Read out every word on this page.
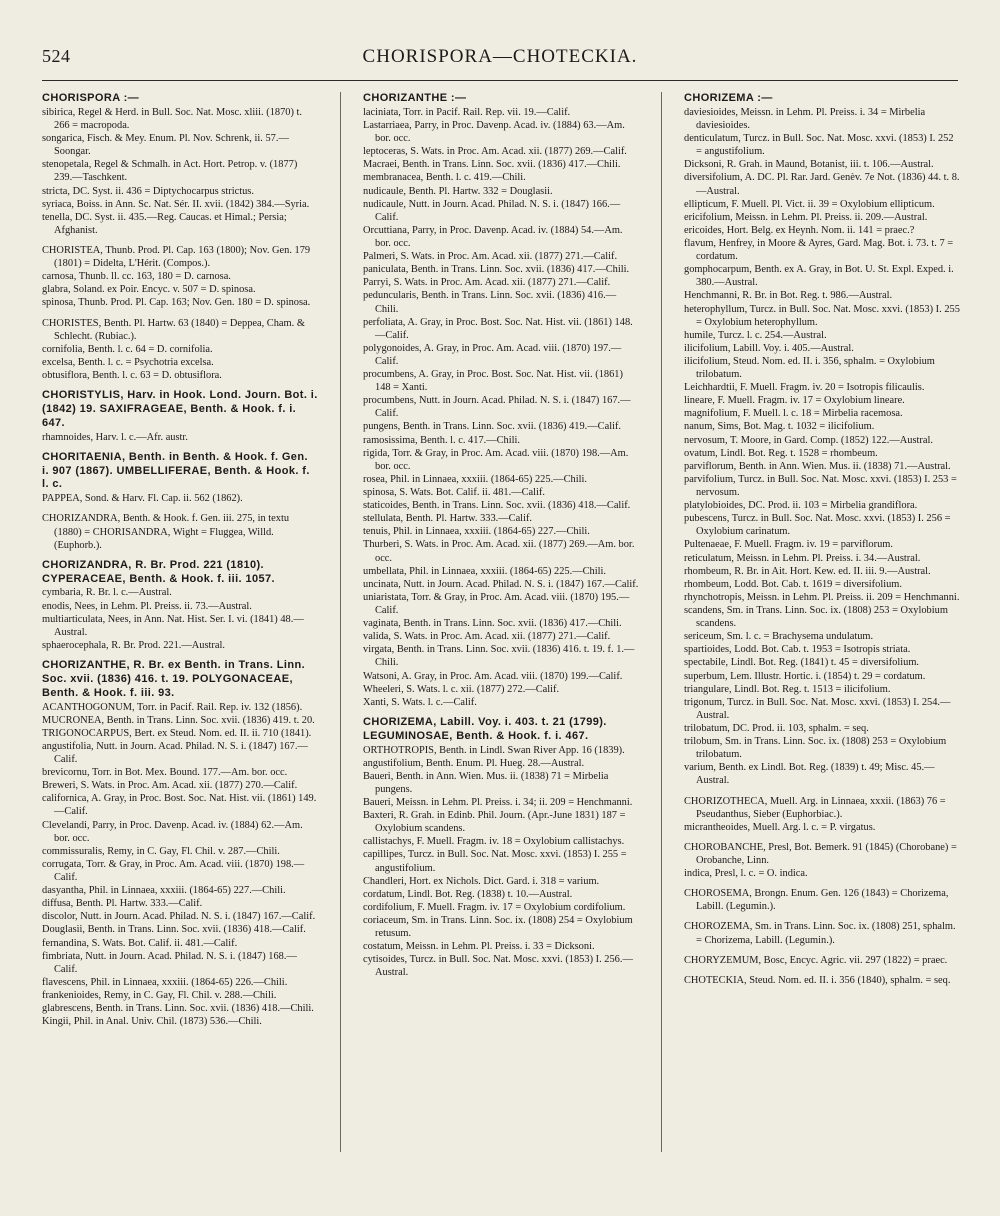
524	CHORISPORA—CHOTECKIA.
CHORISPORA :—
sibirica, Regel & Herd. in Bull. Soc. Nat. Mosc. xliii. (1870) t. 266 = macropoda.
songarica, Fisch. & Mey. Enum. Pl. Nov. Schrenk, ii. 57.—Soongar.
stenopetala, Regel & Schmalh. in Act. Hort. Petrop. v. (1877) 239.—Taschkent.
stricta, DC. Syst. ii. 436 = Diptychocarpus strictus.
syriaca, Boiss. in Ann. Sc. Nat. Sér. II. xvii. (1842) 384.—Syria.
tenella, DC. Syst. ii. 435.—Reg. Caucas. et Himal.; Persia; Afghanist.
CHORISTEA, Thunb. Prod. Pl. Cap. 163 (1800); Nov. Gen. 179 (1801) = Didelta, L'Hérit. (Compos.).
carnosa, Thunb. ll. cc. 163, 180 = D. carnosa.
glabra, Soland. ex Poir. Encyc. v. 507 = D. spinosa.
spinosa, Thunb. Prod. Pl. Cap. 163; Nov. Gen. 180 = D. spinosa.
CHORISTES, Benth. Pl. Hartw. 63 (1840) = Deppea, Cham. & Schlecht. (Rubiac.).
cornifolia, Benth. l. c. 64 = D. cornifolia.
excelsa, Benth. l. c. = Psychotria excelsa.
obtusiflora, Benth. l. c. 63 = D. obtusiflora.
CHORISTYLIS, Harv. in Hook. Lond. Journ. Bot. i. (1842) 19. SAXIFRAGEAE, Benth. & Hook. f. i. 647.
rhamnoides, Harv. l. c.—Afr. austr.
CHORITAENIA, Benth. in Benth. & Hook. f. Gen. i. 907 (1867). UMBELLIFERAE, Benth. & Hook. f. l. c.
PAPPEA, Sond. & Harv. Fl. Cap. ii. 562 (1862).
CHORIZANDRA, Benth. & Hook. f. Gen. iii. 275, in textu (1880) = CHORISANDRA, Wight = Fluggea, Willd. (Euphorb.).
CHORIZANDRA, R. Br. Prod. 221 (1810). CYPERACEAE, Benth. & Hook. f. iii. 1057.
cymbaria, R. Br. l. c.—Austral.
enodis, Nees, in Lehm. Pl. Preiss. ii. 73.—Austral.
multiarticulata, Nees, in Ann. Nat. Hist. Ser. I. vi. (1841) 48.—Austral.
sphaerocephala, R. Br. Prod. 221.—Austral.
CHORIZANTHE, R. Br. ex Benth. in Trans. Linn. Soc. xvii. (1836) 416. t. 19. POLYGONACEAE, Benth. & Hook. f. iii. 93.
ACANTHOGONUM, Torr. in Pacif. Rail. Rep. iv. 132 (1856).
MUCRONEA, Benth. in Trans. Linn. Soc. xvii. (1836) 419. t. 20.
TRIGONOCARPUS, Bert. ex Steud. Nom. ed. II. ii. 710 (1841).
angustifolia, Nutt. in Journ. Acad. Philad. N. S. i. (1847) 167.—Calif.
brevicornu, Torr. in Bot. Mex. Bound. 177.—Am. bor. occ.
Breweri, S. Wats. in Proc. Am. Acad. xii. (1877) 270.—Calif.
californica, A. Gray, in Proc. Bost. Soc. Nat. Hist. vii. (1861) 149.—Calif.
Clevelandi, Parry, in Proc. Davenp. Acad. iv. (1884) 62.—Am. bor. occ.
commissuralis, Remy, in C. Gay, Fl. Chil. v. 287.—Chili.
corrugata, Torr. & Gray, in Proc. Am. Acad. viii. (1870) 198.—Calif.
dasyantha, Phil. in Linnaea, xxxiii. (1864-65) 227.—Chili.
diffusa, Benth. Pl. Hartw. 333.—Calif.
discolor, Nutt. in Journ. Acad. Philad. N. S. i. (1847) 167.—Calif.
Douglasii, Benth. in Trans. Linn. Soc. xvii. (1836) 418.—Calif.
fernandina, S. Wats. Bot. Calif. ii. 481.—Calif.
fimbriata, Nutt. in Journ. Acad. Philad. N. S. i. (1847) 168.—Calif.
flavescens, Phil. in Linnaea, xxxiii. (1864-65) 226.—Chili.
frankenioides, Remy, in C. Gay, Fl. Chil. v. 288.—Chili.
glabrescens, Benth. in Trans. Linn. Soc. xvii. (1836) 418.—Chili.
Kingii, Phil. in Anal. Univ. Chil. (1873) 536.—Chili.
CHORIZANTHE :—
laciniata, Torr. in Pacif. Rail. Rep. vii. 19.—Calif.
Lastarriaea, Parry, in Proc. Davenp. Acad. iv. (1884) 63.—Am. bor. occ.
leptoceras, S. Wats. in Proc. Am. Acad. xii. (1877) 269.—Calif.
Macraei, Benth. in Trans. Linn. Soc. xvii. (1836) 417.—Chili.
membranacea, Benth. l. c. 419.—Chili.
nudicaule, Benth. Pl. Hartw. 332 = Douglasii.
nudicaule, Nutt. in Journ. Acad. Philad. N. S. i. (1847) 166.—Calif.
Orcuttiana, Parry, in Proc. Davenp. Acad. iv. (1884) 54.—Am. bor. occ.
Palmeri, S. Wats. in Proc. Am. Acad. xii. (1877) 271.—Calif.
paniculata, Benth. in Trans. Linn. Soc. xvii. (1836) 417.—Chili.
Parryi, S. Wats. in Proc. Am. Acad. xii. (1877) 271.—Calif.
peduncularis, Benth. in Trans. Linn. Soc. xvii. (1836) 416.—Chili.
perfoliata, A. Gray, in Proc. Bost. Soc. Nat. Hist. vii. (1861) 148.—Calif.
polygonoides, A. Gray, in Proc. Am. Acad. viii. (1870) 197.—Calif.
procumbens, A. Gray, in Proc. Bost. Soc. Nat. Hist. vii. (1861) 148 = Xanti.
procumbens, Nutt. in Journ. Acad. Philad. N. S. i. (1847) 167.—Calif.
pungens, Benth. in Trans. Linn. Soc. xvii. (1836) 419.—Calif.
ramosissima, Benth. l. c. 417.—Chili.
rigida, Torr. & Gray, in Proc. Am. Acad. viii. (1870) 198.—Am. bor. occ.
rosea, Phil. in Linnaea, xxxiii. (1864-65) 225.—Chili.
spinosa, S. Wats. Bot. Calif. ii. 481.—Calif.
staticoides, Benth. in Trans. Linn. Soc. xvii. (1836) 418.—Calif.
stellulata, Benth. Pl. Hartw. 333.—Calif.
tenuis, Phil. in Linnaea, xxxiii. (1864-65) 227.—Chili.
Thurberi, S. Wats. in Proc. Am. Acad. xii. (1877) 269.—Am. bor. occ.
umbellata, Phil. in Linnaea, xxxiii. (1864-65) 225.—Chili.
uncinata, Nutt. in Journ. Acad. Philad. N. S. i. (1847) 167.—Calif.
uniaristata, Torr. & Gray, in Proc. Am. Acad. viii. (1870) 195.—Calif.
vaginata, Benth. in Trans. Linn. Soc. xvii. (1836) 417.—Chili.
valida, S. Wats. in Proc. Am. Acad. xii. (1877) 271.—Calif.
virgata, Benth. in Trans. Linn. Soc. xvii. (1836) 416. t. 19. f. 1.—Chili.
Watsoni, A. Gray, in Proc. Am. Acad. viii. (1870) 199.—Calif.
Wheeleri, S. Wats. l. c. xii. (1877) 272.—Calif.
Xanti, S. Wats. l. c.—Calif.
CHORIZEMA, Labill. Voy. i. 403. t. 21 (1799). LEGUMINOSAE, Benth. & Hook. f. i. 467.
ORTHOTROPIS, Benth. in Lindl. Swan River App. 16 (1839).
angustifolium, Benth. Enum. Pl. Hueg. 28.—Austral.
Baueri, Benth. in Ann. Wien. Mus. ii. (1838) 71 = Mirbelia pungens.
Baueri, Meissn. in Lehm. Pl. Preiss. i. 34; ii. 209 = Henchmanni.
Baxteri, R. Grah. in Edinb. Phil. Journ. (Apr.-June 1831) 187 = Oxylobium scandens.
callistachys, F. Muell. Fragm. iv. 18 = Oxylobium callistachys.
capillipes, Turcz. in Bull. Soc. Nat. Mosc. xxvi. (1853) I. 255 = angustifolium.
Chandleri, Hort. ex Nichols. Dict. Gard. i. 318 = varium.
cordatum, Lindl. Bot. Reg. (1838) t. 10.—Austral.
cordifolium, F. Muell. Fragm. iv. 17 = Oxylobium cordifolium.
coriaceum, Sm. in Trans. Linn. Soc. ix. (1808) 254 = Oxylobium retusum.
costatum, Meissn. in Lehm. Pl. Preiss. i. 33 = Dicksoni.
cytisoides, Turcz. in Bull. Soc. Nat. Mosc. xxvi. (1853) I. 256.—Austral.
CHORIZEMA :—
daviesioides, Meissn. in Lehm. Pl. Preiss. i. 34 = Mirbelia daviesioides.
denticulatum, Turcz. in Bull. Soc. Nat. Mosc. xxvi. (1853) I. 252 = angustifolium.
Dicksoni, R. Grah. in Maund, Botanist, iii. t. 106.—Austral.
diversifolium, A. DC. Pl. Rar. Jard. Genèv. 7e Not. (1836) 44. t. 8.—Austral.
ellipticum, F. Muell. Pl. Vict. ii. 39 = Oxylobium ellipticum.
ericifolium, Meissn. in Lehm. Pl. Preiss. ii. 209.—Austral.
ericoides, Hort. Belg. ex Heynh. Nom. ii. 141 = praec.?
flavum, Henfrey, in Moore & Ayres, Gard. Mag. Bot. i. 73. t. 7 = cordatum.
gomphocarpum, Benth. ex A. Gray, in Bot. U. St. Expl. Exped. i. 380.—Austral.
Henchmanni, R. Br. in Bot. Reg. t. 986.—Austral.
heterophyllum, Turcz. in Bull. Soc. Nat. Mosc. xxvi. (1853) I. 255 = Oxylobium heterophyllum.
humile, Turcz. l. c. 254.—Austral.
ilicifolium, Labill. Voy. i. 405.—Austral.
ilicifolium, Steud. Nom. ed. II. i. 356, sphalm. = Oxylobium trilobatum.
Leichhardtii, F. Muell. Fragm. iv. 20 = Isotropis filicaulis.
lineare, F. Muell. Fragm. iv. 17 = Oxylobium lineare.
magnifolium, F. Muell. l. c. 18 = Mirbelia racemosa.
nanum, Sims, Bot. Mag. t. 1032 = ilicifolium.
nervosum, T. Moore, in Gard. Comp. (1852) 122.—Austral.
ovatum, Lindl. Bot. Reg. t. 1528 = rhombeum.
parviflorum, Benth. in Ann. Wien. Mus. ii. (1838) 71.—Austral.
parvifolium, Turcz. in Bull. Soc. Nat. Mosc. xxvi. (1853) I. 253 = nervosum.
platylobioides, DC. Prod. ii. 103 = Mirbelia grandiflora.
pubescens, Turcz. in Bull. Soc. Nat. Mosc. xxvi. (1853) I. 256 = Oxylobium carinatum.
Pultenaeae, F. Muell. Fragm. iv. 19 = parviflorum.
reticulatum, Meissn. in Lehm. Pl. Preiss. i. 34.—Austral.
rhombeum, R. Br. in Ait. Hort. Kew. ed. II. iii. 9.—Austral.
rhombeum, Lodd. Bot. Cab. t. 1619 = diversifolium.
rhynchotropis, Meissn. in Lehm. Pl. Preiss. ii. 209 = Henchmanni.
scandens, Sm. in Trans. Linn. Soc. ix. (1808) 253 = Oxylobium scandens.
sericeum, Sm. l. c. = Brachysema undulatum.
spartioides, Lodd. Bot. Cab. t. 1953 = Isotropis striata.
spectabile, Lindl. Bot. Reg. (1841) t. 45 = diversifolium.
superbum, Lem. Illustr. Hortic. i. (1854) t. 29 = cordatum.
triangulare, Lindl. Bot. Reg. t. 1513 = ilicifolium.
trigonum, Turcz. in Bull. Soc. Nat. Mosc. xxvi. (1853) I. 254.—Austral.
trilobatum, DC. Prod. ii. 103, sphalm. = seq.
trilobum, Sm. in Trans. Linn. Soc. ix. (1808) 253 = Oxylobium trilobatum.
varium, Benth. ex Lindl. Bot. Reg. (1839) t. 49; Misc. 45.—Austral.
CHORIZOTHECA, Muell. Arg. in Linnaea, xxxii. (1863) 76 = Pseudanthus, Sieber (Euphorbiac.).
micrantheoides, Muell. Arg. l. c. = P. virgatus.
CHOROBANCHE, Presl, Bot. Bemerk. 91 (1845) (Chorobane) = Orobanche, Linn.
indica, Presl, l. c. = O. indica.
CHOROSEMA, Brongn. Enum. Gen. 126 (1843) = Chorizema, Labill. (Legumin.).
CHOROZEMA, Sm. in Trans. Linn. Soc. ix. (1808) 251, sphalm. = Chorizema, Labill. (Legumin.).
CHORYZEMUM, Bosc, Encyc. Agric. vii. 297 (1822) = praec.
CHOTECKIA, Steud. Nom. ed. II. i. 356 (1840), sphalm. = seq.
